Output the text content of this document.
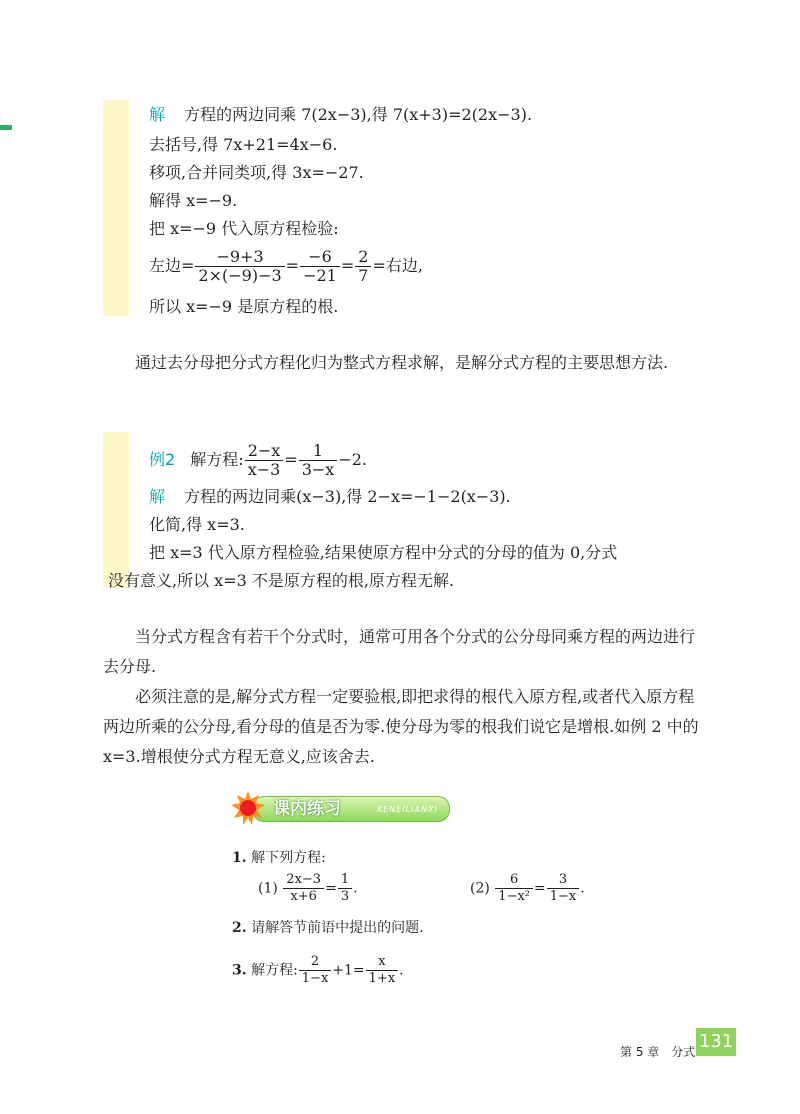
解 方程的两边同乘 7(2x−3),得 7(x+3)=2(2x−3).
去括号,得 7x+21=4x−6.
移项,合并同类项,得 3x=−27.
解得 x=−9.
把 x=−9 代入原方程检验:
左边= $\frac{-9+3}{2\times(-9)-3} = \frac{-6}{-21} = \frac{2}{7}$ =右边,
所以 x=−9 是原方程的根.
通过去分母把分式方程化归为整式方程求解，是解分式方程的主要思想方法.
例2 解方程: $\frac{2-x}{x-3} = \frac{1}{3-x} -2$.
解 方程的两边同乘(x−3),得 2−x=−1−2(x−3).
化简,得 x=3.
把 x=3 代入原方程检验,结果使原方程中分式的分母的值为 0,分式
没有意义,所以 x=3 不是原方程的根,原方程无解.
当分式方程含有若干个分式时，通常可用各个分式的公分母同乘方程的两边进行去分母.
必须注意的是,解分式方程一定要验根,即把求得的根代入原方程,或者代入原方程两边所乘的公分母,看分母的值是否为零.使分母为零的根我们说它是增根.如例 2 中的 x=3.增根使分式方程无意义,应该舍去.
课内练习	KENEILIANXI
1. 解下列方程:
$(1) \frac{2x-3}{x+6} = \frac{1}{3}$ .	$(2) \frac{6}{\text{1−x²}} = \frac{3}{1-x}$ .
2. 请解答节前语中提出的问题.
3. 解方程: $\frac{2}{1-x} +1= \frac{x}{1+x}$ .
第 5 章　分式 131
